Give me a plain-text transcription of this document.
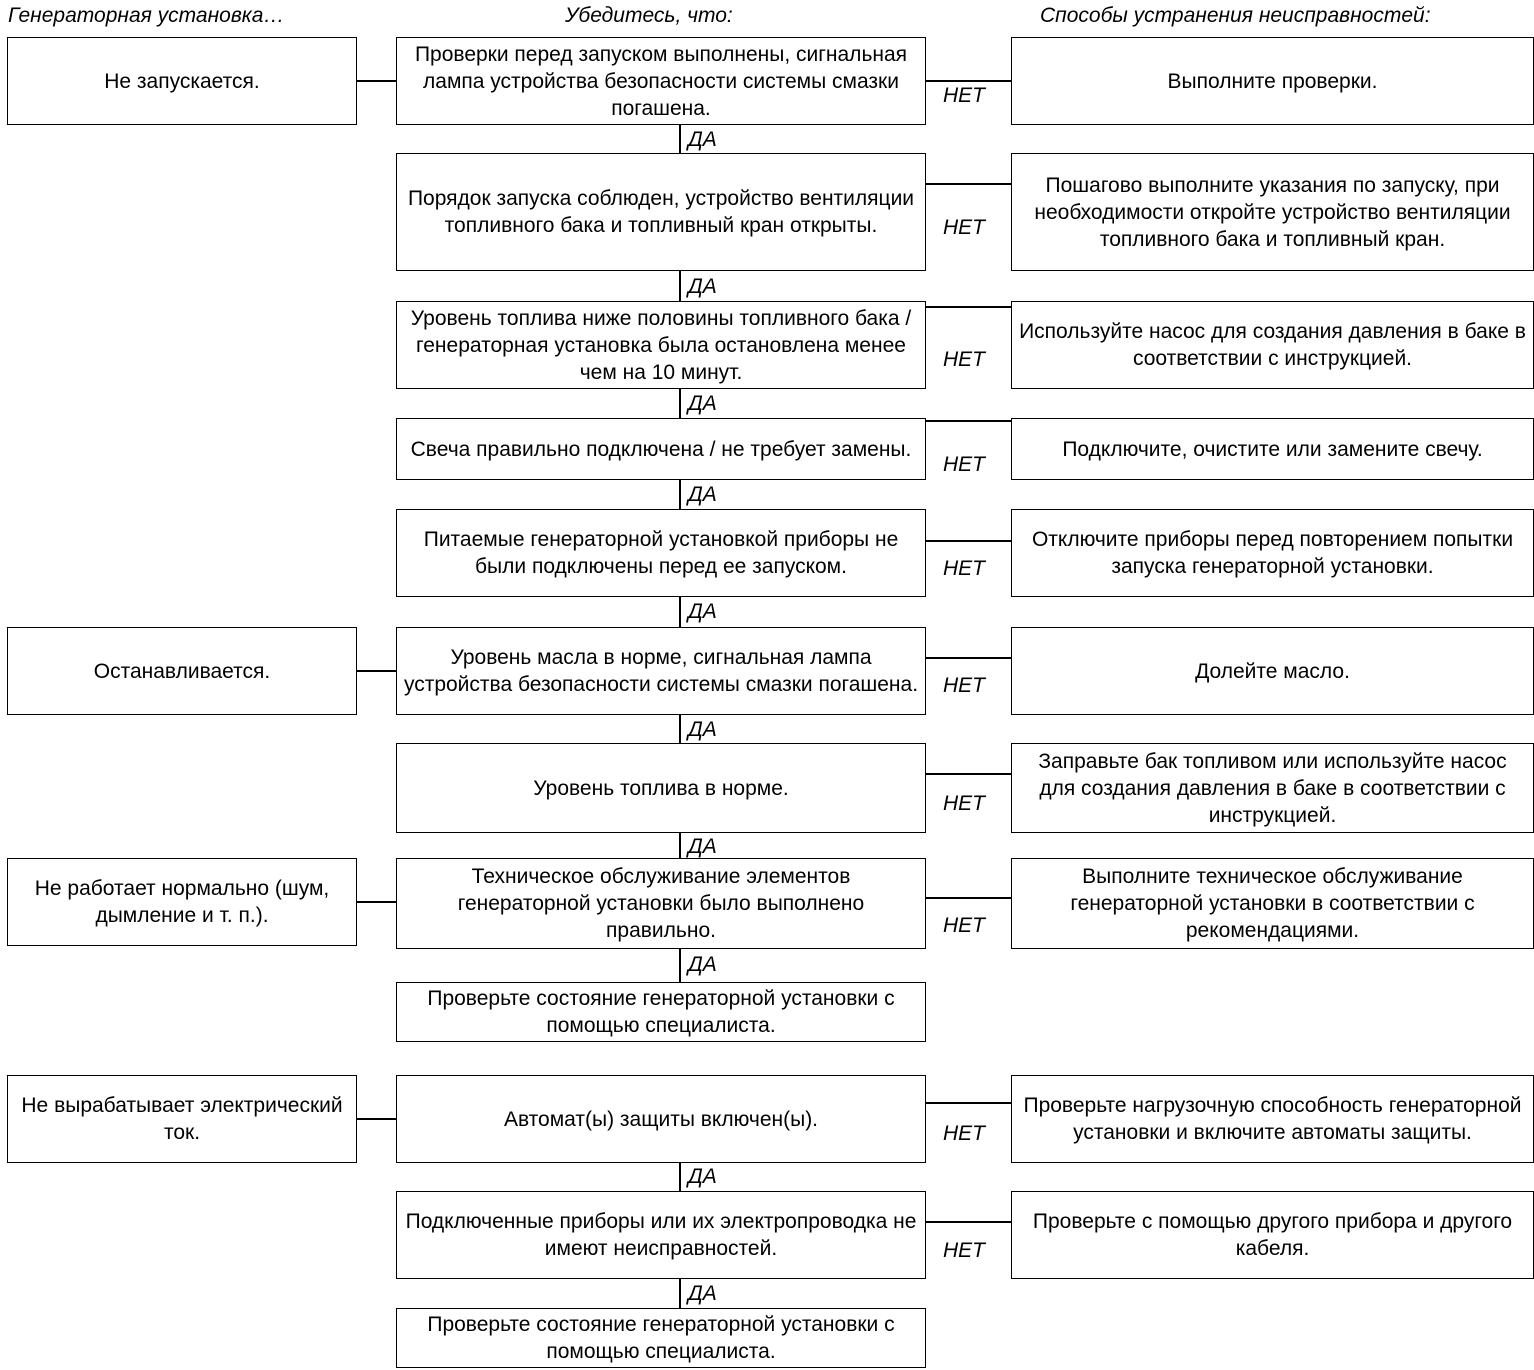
Генераторная установка…	Убедитесь, что:	Способы устранения неисправностей:
Не запускается.
Останавливается.
Не работает нормально (шум, дымление и т. п.).
Не вырабатывает электрический ток.
Проверки перед запуском выполнены, сигнальная лампа устройства безопасности системы смазки погашена.
Порядок запуска соблюден, устройство вентиляции топливного бака и топливный кран открыты.
Уровень топлива ниже половины топливного бака / генераторная установка была остановлена менее чем на 10 минут.
Свеча правильно подключена / не требует замены.
Питаемые генераторной установкой приборы не были подключены перед ее запуском.
Уровень масла в норме, сигнальная лампа устройства безопасности системы смазки погашена.
Уровень топлива в норме.
Техническое обслуживание элементов генераторной установки было выполнено правильно.
Проверьте состояние генераторной установки с помощью специалиста.
Автомат(ы) защиты включен(ы).
Подключенные приборы или их электропроводка не имеют неисправностей.
Проверьте состояние генераторной установки с помощью специалиста.
ДА
ДА
ДА
ДА
ДА
ДА
ДА
ДА
ДА
ДА
НЕТ
НЕТ
НЕТ
НЕТ
НЕТ
НЕТ
НЕТ
НЕТ
НЕТ
НЕТ
Выполните проверки.
Пошагово выполните указания по запуску, при необходимости откройте устройство вентиляции топливного бака и топливный кран.
Используйте насос для создания давления в баке в соответствии с инструкцией.
Подключите, очистите или замените свечу.
Отключите приборы перед повторением попытки запуска генераторной установки.
Долейте масло.
Заправьте бак топливом или используйте насос для создания давления в баке в соответствии с инструкцией.
Выполните техническое обслуживание генераторной установки в соответствии с рекомендациями.
Проверьте нагрузочную способность генераторной установки и включите автоматы защиты.
Проверьте с помощью другого прибора и другого кабеля.
